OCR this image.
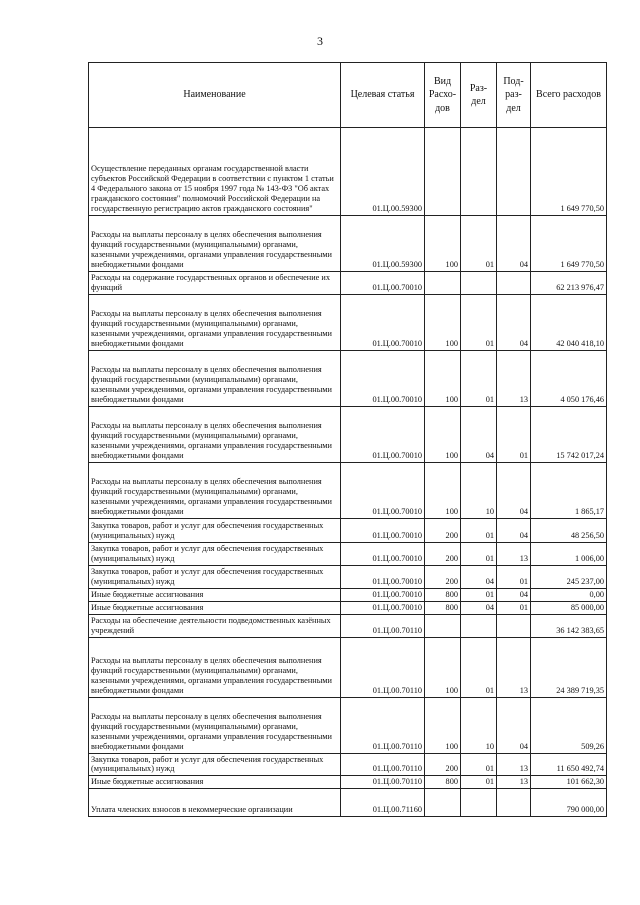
3
Наименование	Целевая статья	Вид Расхо- дов	Раз- дел	Под- раз- дел	Всего расходов
Осуществление переданных органам государственной власти субъектов Российской Федерации в соответствии с пунктом 1 статьи 4 Федерального закона от 15 ноября 1997 года № 143-ФЗ "Об актах гражданского состояния" полномочий Российской Федерации на государственную регистрацию актов гражданского состояния"	01.Ц.00.59300				1 649 770,50
Расходы на выплаты персоналу в целях обеспечения выполнения функций государственными (муниципальными) органами, казенными учреждениями, органами управления государственными внебюджетными фондами	01.Ц.00.59300	100	01	04	1 649 770,50
Расходы на содержание государственных органов и обеспечение их функций	01.Ц.00.70010				62 213 976,47
Расходы на выплаты персоналу в целях обеспечения выполнения функций государственными (муниципальными) органами, казенными учреждениями, органами управления государственными внебюджетными фондами	01.Ц.00.70010	100	01	04	42 040 418,10
Расходы на выплаты персоналу в целях обеспечения выполнения функций государственными (муниципальными) органами, казенными учреждениями, органами управления государственными внебюджетными фондами	01.Ц.00.70010	100	01	13	4 050 176,46
Расходы на выплаты персоналу в целях обеспечения выполнения функций государственными (муниципальными) органами, казенными учреждениями, органами управления государственными внебюджетными фондами	01.Ц.00.70010	100	04	01	15 742 017,24
Расходы на выплаты персоналу в целях обеспечения выполнения функций государственными (муниципальными) органами, казенными учреждениями, органами управления государственными внебюджетными фондами	01.Ц.00.70010	100	10	04	1 865,17
Закупка товаров, работ и услуг для обеспечения государственных (муниципальных) нужд	01.Ц.00.70010	200	01	04	48 256,50
Закупка товаров, работ и услуг для обеспечения государственных (муниципальных) нужд	01.Ц.00.70010	200	01	13	1 006,00
Закупка товаров, работ и услуг для обеспечения государственных (муниципальных) нужд	01.Ц.00.70010	200	04	01	245 237,00
Иные бюджетные ассигнования	01.Ц.00.70010	800	01	04	0,00
Иные бюджетные ассигнования	01.Ц.00.70010	800	04	01	85 000,00
Расходы на обеспечение деятельности подведомственных казённых учреждений	01.Ц.00.70110				36 142 383,65
Расходы на выплаты персоналу в целях обеспечения выполнения функций государственными (муниципальными) органами, казенными учреждениями, органами управления государственными внебюджетными фондами	01.Ц.00.70110	100	01	13	24 389 719,35
Расходы на выплаты персоналу в целях обеспечения выполнения функций государственными (муниципальными) органами, казенными учреждениями, органами управления государственными внебюджетными фондами	01.Ц.00.70110	100	10	04	509,26
Закупка товаров, работ и услуг для обеспечения государственных (муниципальных) нужд	01.Ц.00.70110	200	01	13	11 650 492,74
Иные бюджетные ассигнования	01.Ц.00.70110	800	01	13	101 662,30
Уплата членских взносов в некоммерческие организации	01.Ц.00.71160				790 000,00
